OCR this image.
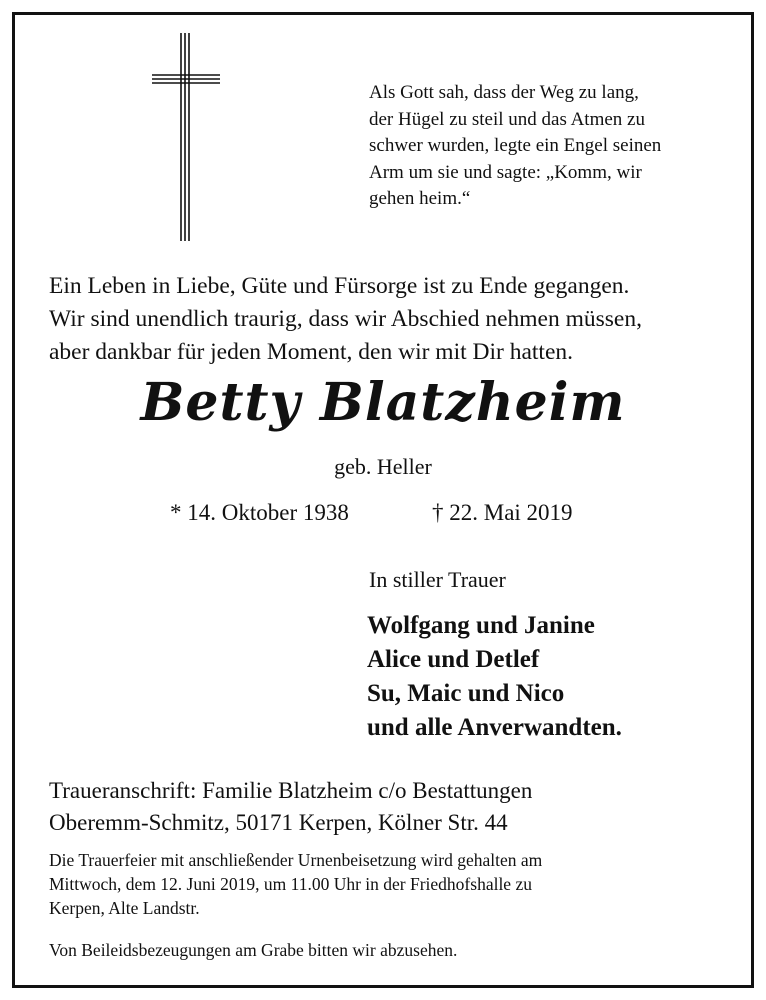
Als Gott sah, dass der Weg zu lang,
der Hügel zu steil und das Atmen zu
schwer wurden, legte ein Engel seinen
Arm um sie und sagte: „Komm, wir
gehen heim.“
Ein Leben in Liebe, Güte und Fürsorge ist zu Ende gegangen.
Wir sind unendlich traurig, dass wir Abschied nehmen müssen,
aber dankbar für jeden Moment, den wir mit Dir hatten.
Betty Blatzheim
geb. Heller
* 14. Oktober 1938	† 22. Mai 2019
In stiller Trauer
Wolfgang und Janine
Alice und Detlef
Su, Maic und Nico
und alle Anverwandten.
Traueranschrift: Familie Blatzheim c/o Bestattungen
Oberemm-Schmitz, 50171 Kerpen, Kölner Str. 44
Die Trauerfeier mit anschließender Urnenbeisetzung wird gehalten am
Mittwoch, dem 12. Juni 2019, um 11.00 Uhr in der Friedhofshalle zu
Kerpen, Alte Landstr.
Von Beileidsbezeugungen am Grabe bitten wir abzusehen.
